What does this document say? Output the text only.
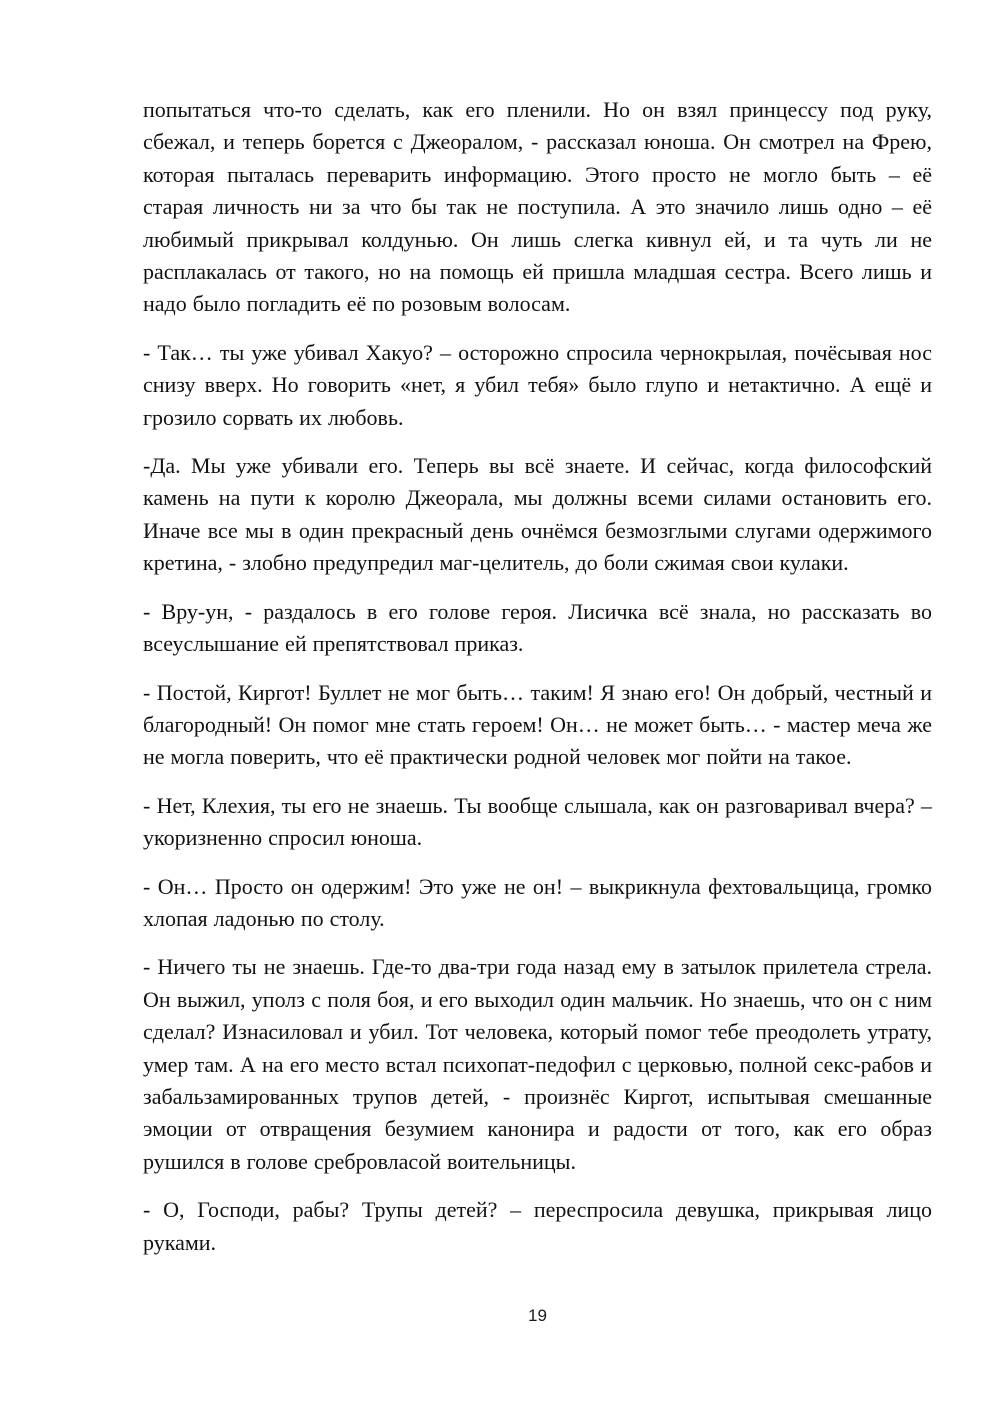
попытаться что-то сделать, как его пленили. Но он взял принцессу под руку, сбежал, и теперь борется с Джеоралом, - рассказал юноша. Он смотрел на Фрею, которая пыталась переварить информацию. Этого просто не могло быть – её старая личность ни за что бы так не поступила. А это значило лишь одно – её любимый прикрывал колдунью. Он лишь слегка кивнул ей, и та чуть ли не расплакалась от такого, но на помощь ей пришла младшая сестра. Всего лишь и надо было погладить её по розовым волосам.

- Так… ты уже убивал Хакуо? – осторожно спросила чернокрылая, почёсывая нос снизу вверх. Но говорить «нет, я убил тебя» было глупо и нетактично. А ещё и грозило сорвать их любовь.

-Да. Мы уже убивали его. Теперь вы всё знаете. И сейчас, когда философский камень на пути к королю Джеорала, мы должны всеми силами остановить его. Иначе все мы в один прекрасный день очнёмся безмозглыми слугами одержимого кретина, - злобно предупредил маг-целитель, до боли сжимая свои кулаки.

- Вру-ун, - раздалось в его голове героя. Лисичка всё знала, но рассказать во всеуслышание ей препятствовал приказ.

- Постой, Киргот! Буллет не мог быть… таким! Я знаю его! Он добрый, честный и благородный! Он помог мне стать героем! Он… не может быть… - мастер меча же не могла поверить, что её практически родной человек мог пойти на такое.

- Нет, Клехия, ты его не знаешь. Ты вообще слышала, как он разговаривал вчера? – укоризненно спросил юноша.

- Он… Просто он одержим! Это уже не он! – выкрикнула фехтовальщица, громко хлопая ладонью по столу.

- Ничего ты не знаешь. Где-то два-три года назад ему в затылок прилетела стрела. Он выжил, уполз с поля боя, и его выходил один мальчик. Но знаешь, что он с ним сделал? Изнасиловал и убил. Тот человека, который помог тебе преодолеть утрату, умер там. А на его место встал психопат-педофил с церковью, полной секс-рабов и забальзамированных трупов детей, - произнёс Киргот, испытывая смешанные эмоции от отвращения безумием канонира и радости от того, как его образ рушился в голове сребровласой воительницы.

- О, Господи, рабы? Трупы детей? – переспросила девушка, прикрывая лицо руками.

19
